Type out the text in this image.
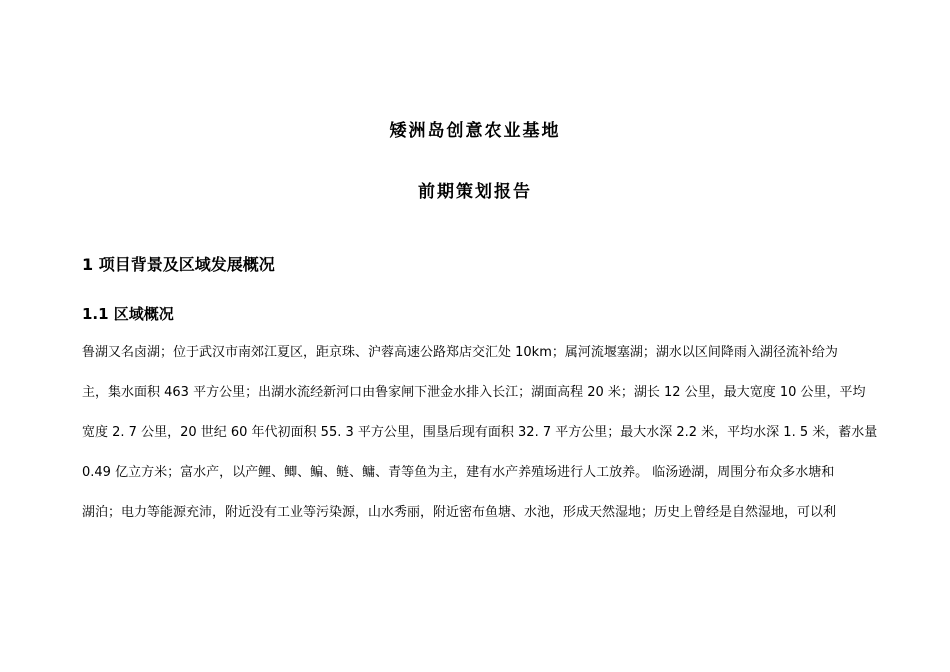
矮洲岛创意农业基地
前期策划报告
1 项目背景及区域发展概况
1.1 区域概况
鲁湖又名卤湖；位于武汉市南郊江夏区，距京珠、沪蓉高速公路郑店交汇处 10km；属河流堰塞湖；湖水以区间降雨入湖径流补给为
主，集水面积 463 平方公里；出湖水流经新河口由鲁家闸下泄金水排入长江；湖面高程 20 米；湖长 12 公里，最大宽度 10 公里，平均
宽度 2. 7 公里，20 世纪 60 年代初面积 55. 3 平方公里，围垦后现有面积 32. 7 平方公里；最大水深 2.2 米，平均水深 1. 5 米，蓄水量
0.49 亿立方米；富水产，以产鲤、鲫、鳊、鲢、鳙、青等鱼为主，建有水产养殖场进行人工放养。 临汤逊湖，周围分布众多水塘和
湖泊；电力等能源充沛，附近没有工业等污染源，山水秀丽，附近密布鱼塘、水池，形成天然湿地；历史上曾经是自然湿地，可以利
